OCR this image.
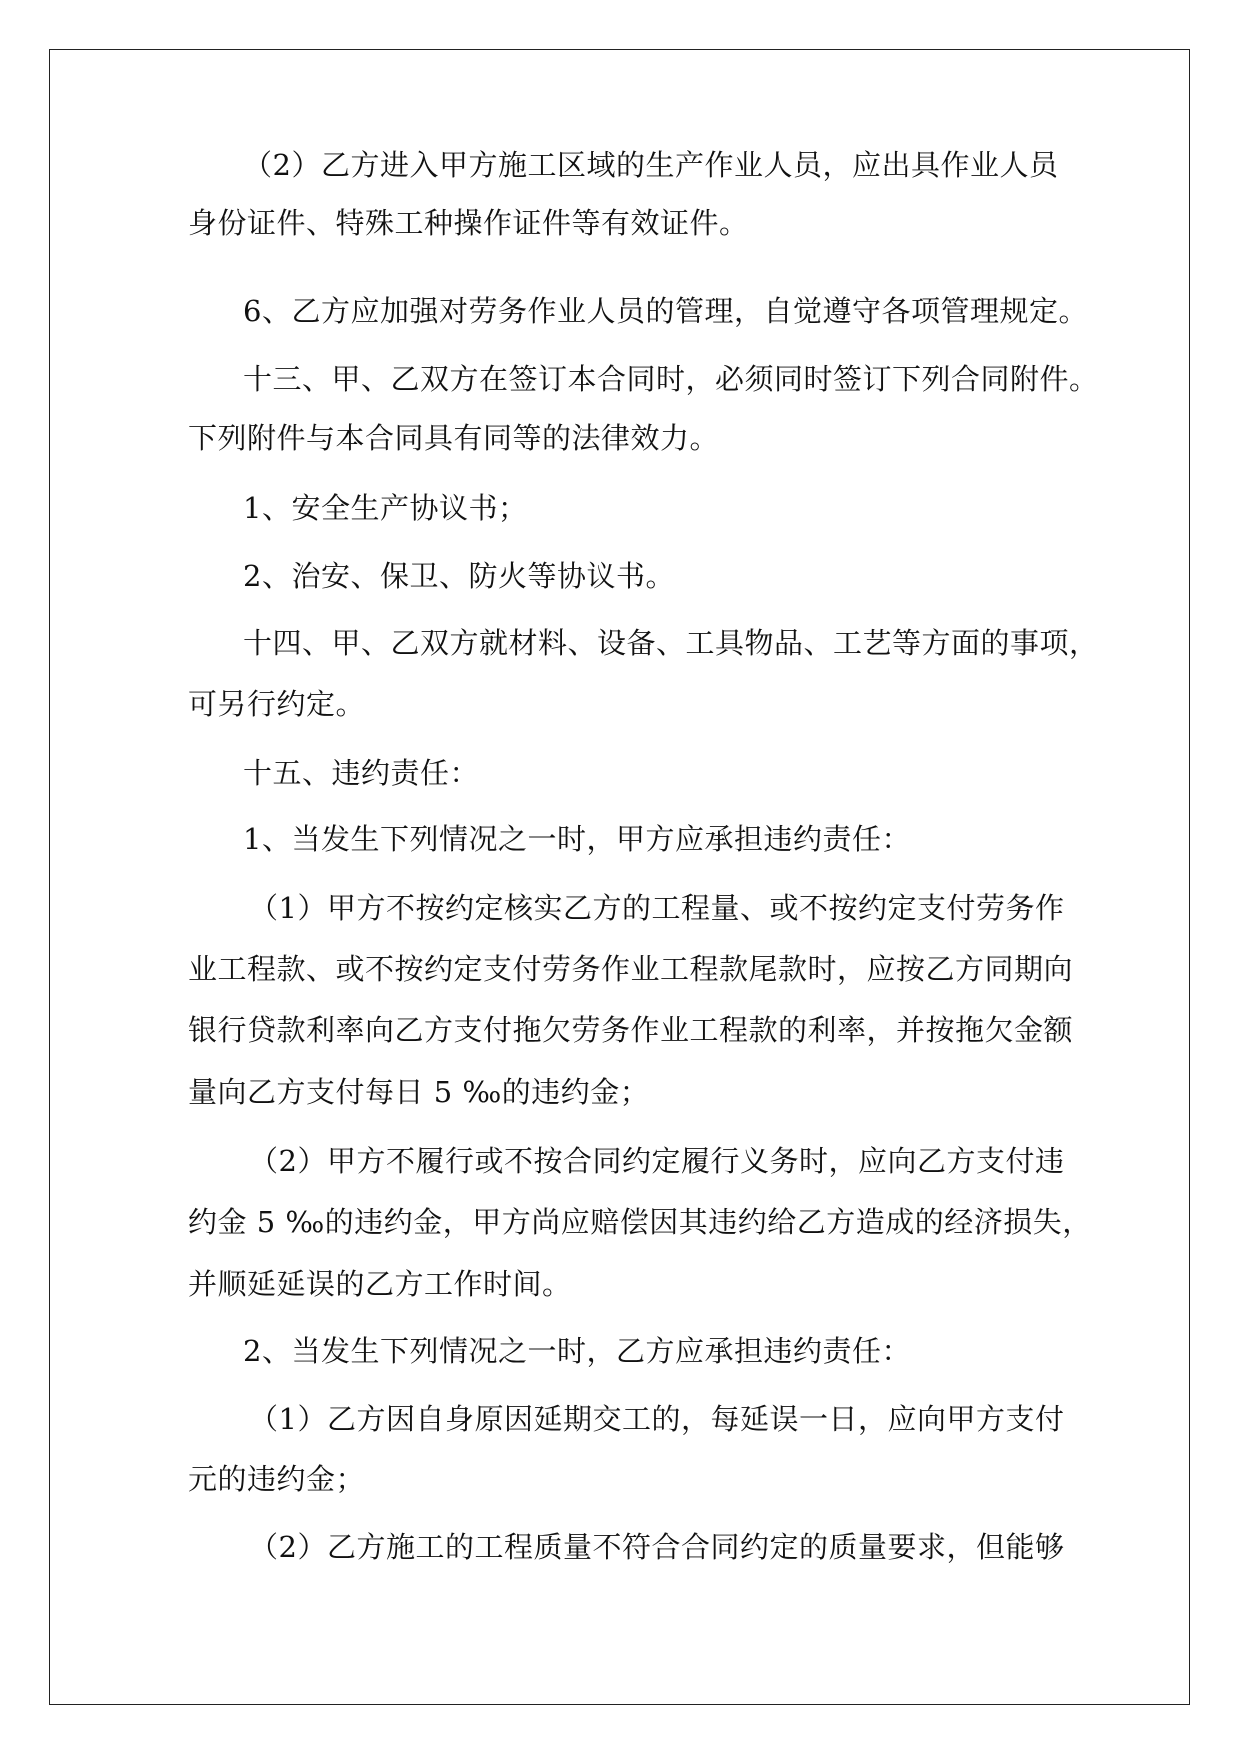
（2）乙方进入甲方施工区域的生产作业人员，应出具作业人员
身份证件、特殊工种操作证件等有效证件。
6、乙方应加强对劳务作业人员的管理，自觉遵守各项管理规定。
十三、甲、乙双方在签订本合同时，必须同时签订下列合同附件。
下列附件与本合同具有同等的法律效力。
1、安全生产协议书；
2、治安、保卫、防火等协议书。
十四、甲、乙双方就材料、设备、工具物品、工艺等方面的事项，
可另行约定。
十五、违约责任：
1、当发生下列情况之一时，甲方应承担违约责任：
（1）甲方不按约定核实乙方的工程量、或不按约定支付劳务作
业工程款、或不按约定支付劳务作业工程款尾款时，应按乙方同期向
银行贷款利率向乙方支付拖欠劳务作业工程款的利率，并按拖欠金额
量向乙方支付每日 5 ‰的违约金；
（2）甲方不履行或不按合同约定履行义务时，应向乙方支付违
约金 5 ‰的违约金，甲方尚应赔偿因其违约给乙方造成的经济损失，
并顺延延误的乙方工作时间。
2、当发生下列情况之一时，乙方应承担违约责任：
（1）乙方因自身原因延期交工的，每延误一日，应向甲方支付
元的违约金；
（2）乙方施工的工程质量不符合合同约定的质量要求，但能够
